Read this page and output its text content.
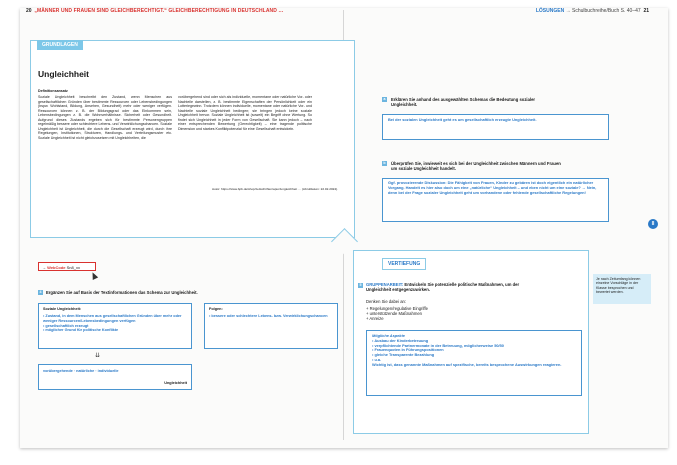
20 „MÄNNER UND FRAUEN SIND GLEICHBERECHTIGT.“ GLEICHBERECHTIGUNG IN DEUTSCHLAND …	LÖSUNGEN → Schulbuchreihe/Buch S. 40–47 21
GRUNDLAGEN
Ungleichheit
Definitionsansatz
Soziale Ungleichheit beschreibt den Zustand, wenn Menschen aus gesellschaftlichen Gründen über bestimmte Ressourcen oder Lebensbedingungen (bspw. Wohlstand, Bildung, Ansehen, Gesundheit) mehr oder weniger verfügen. Ressourcen können z. B. der Bildungsgrad oder das Einkommen sein, Lebensbedingungen z. B. die Wohnverhältnisse. Sicherheit oder Gesundheit. Aufgrund dieses Zustands ergeben sich für bestimmte Personengruppen regelmäßig bessere oder schlechtere Lebens- und Verwirklichungschancen. Soziale Ungleichheit ist Ungleichheit, die durch die Gesellschaft erzeugt wird, durch ihre Regelungen, Institutionen, Strukturen, Handlungs- und Verteilungsmuster etc. Soziale Ungleichheit ist nicht gleichzusetzen mit Ungleichheiten, die
vorübergehend sind oder sich als individuelle, momentane oder natürliche Vor- oder Nachteile darstellen, z. B. bestimmte Eigenschaften der Persönlichkeit oder ein Lotteriegewinn. Trotzdem können individuelle, momentane oder natürliche Vor- und Nachteile soziale Ungleichheit bedingen; sie bringen jedoch keine soziale Ungleichheit hervor. Soziale Ungleichheit ist (soweit) ein Begriff ohne Wertung. So findet sich Ungleichheit in jeder Form von Gesellschaft. Sie kann jedoch – nach einer entsprechenden Bewertung (Gerechtigkeit) – eine tragende politische Dimension und starkes Konfliktpotenzial für eine Gesellschaft entwickeln.
Autor: https://www.bpb.de/shop/zeitschriften/apuz/ungleichheit … (Abrufdatum: 22.02.2024).
→ WebCode Sn8_xx
4	Ergänzen Sie auf Basis der Textinformationen das Schema zur Ungleichheit.
Soziale Ungleichheit:
• Zustand, in dem Menschen aus gesellschaftlichen Gründen über mehr oder weniger Ressourcen/Lebensbedingungen verfügen
• gesellschaftlich erzeugt
• möglicher Grund für politische Konflikte
Folgen:
• bessere oder schlechtere Lebens- bzw. Verwirklichungschancen
⇊
vorübergehende · natürliche · individuelle
Ungleichheit
a	Erklären Sie anhand des ausgewählten Schemas die Bedeutung sozialer Ungleichheit.
Bei der sozialen Ungleichheit geht es um gesellschaftlich erzeugte Ungleichheit.
b	Überprüfen Sie, inwieweit es sich bei der Ungleichheit zwischen Männern und Frauen um soziale Ungleichheit handelt.
Ggf. provozierende Diskussion: Die Fähigkeit von Frauen, Kinder zu gebären ist doch eigentlich ein natürlicher Vorgang. Handelt es hier also doch um eine „natürliche“ Ungleichheit – und eben nicht um eine soziale? → Nein, denn bei der Frage sozialer Ungleichheit geht um vorhandene oder fehlende gesellschaftliche Regelungen!
II
VERTIEFUNG
5	GRUPPENARBEIT: Entwickeln Sie potenzielle politische Maßnahmen, um der Ungleichheit entgegenzuwirken.
Denken Sie dabei an:
+ Regelungen/regulative Eingriffe
+ unterstützende Maßnahmen
+ Anreize
Mögliche Aspekte
• Ausbau der Kinderbetreuung
• verpflichtende Partnermonate in der Betreuung, möglicherweise 50/50
• Frauenquoten in Führungspositionen
• gleiche Transparente Bezahlung
• u.a.
Wichtig ist, dass genannte Maßnahmen auf spezifische, bereits besprochene Auswirkungen reagieren.
Je nach Zeitumfang können einzelne Vorschläge in der Klasse besprochen und bewertet werden.
